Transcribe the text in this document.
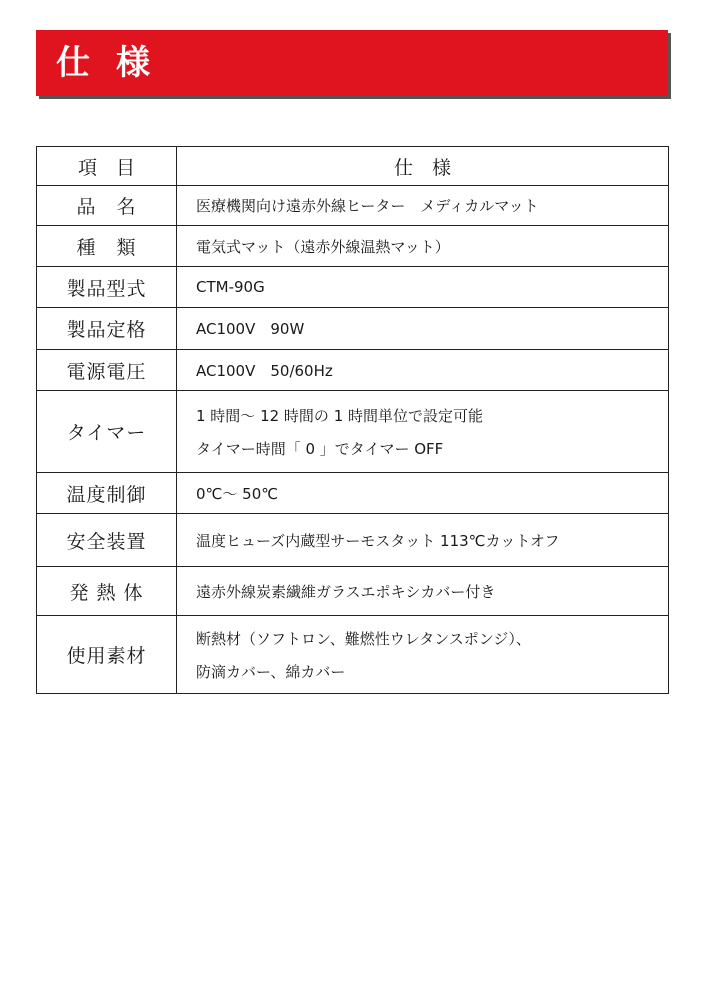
仕様
項　目	仕　様
品　名	医療機関向け遠赤外線ヒーター　メディカルマット
種　類	電気式マット（遠赤外線温熱マット）
製品型式	CTM-90G
製品定格	AC100V　90W
電源電圧	AC100V　50/60Hz
タイマー	1 時間～ 12 時間の 1 時間単位で設定可能
タイマー時間「 0 」でタイマー OFF

温度制御	0℃～ 50℃
安全装置	温度ヒューズ内蔵型サーモスタット 113℃カットオフ
発 熱 体	遠赤外線炭素繊維ガラスエポキシカバー付き
使用素材	断熱材（ソフトロン、難燃性ウレタンスポンジ）、
防滴カバー、綿カバー
